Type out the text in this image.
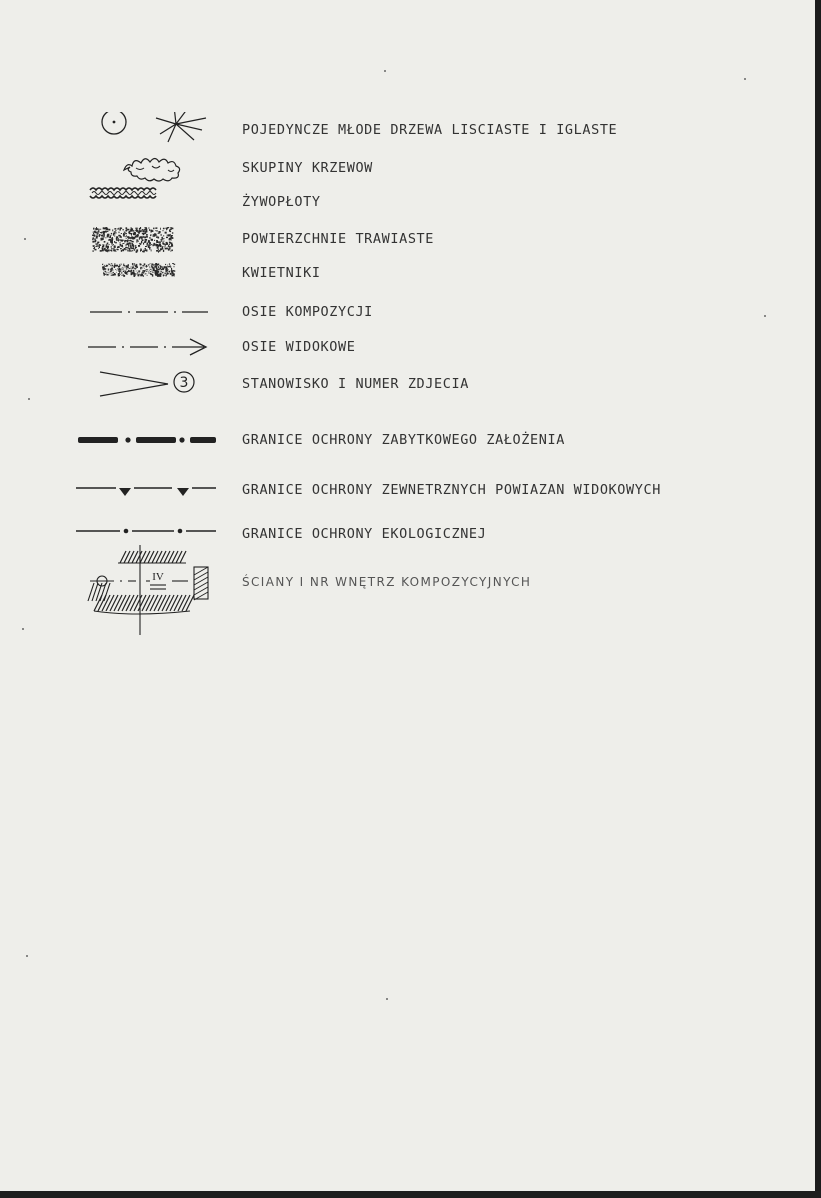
POJEDYNCZE MŁODE DRZEWA LISCIASTE I IGLASTE
SKUPINY KRZEWOW
ŻYWOPŁOTY
POWIERZCHNIE TRAWIASTE
KWIETNIKI
OSIE KOMPOZYCJI
OSIE WIDOKOWE
3	STANOWISKO I NUMER ZDJECIA
GRANICE OCHRONY ZABYTKOWEGO ZAŁOŻENIA
GRANICE OCHRONY ZEWNETRZNYCH POWIAZAN WIDOKOWYCH
GRANICE OCHRONY EKOLOGICZNEJ
IV	ŚCIANY I NR WNĘTRZ KOMPOZYCYJNYCH
